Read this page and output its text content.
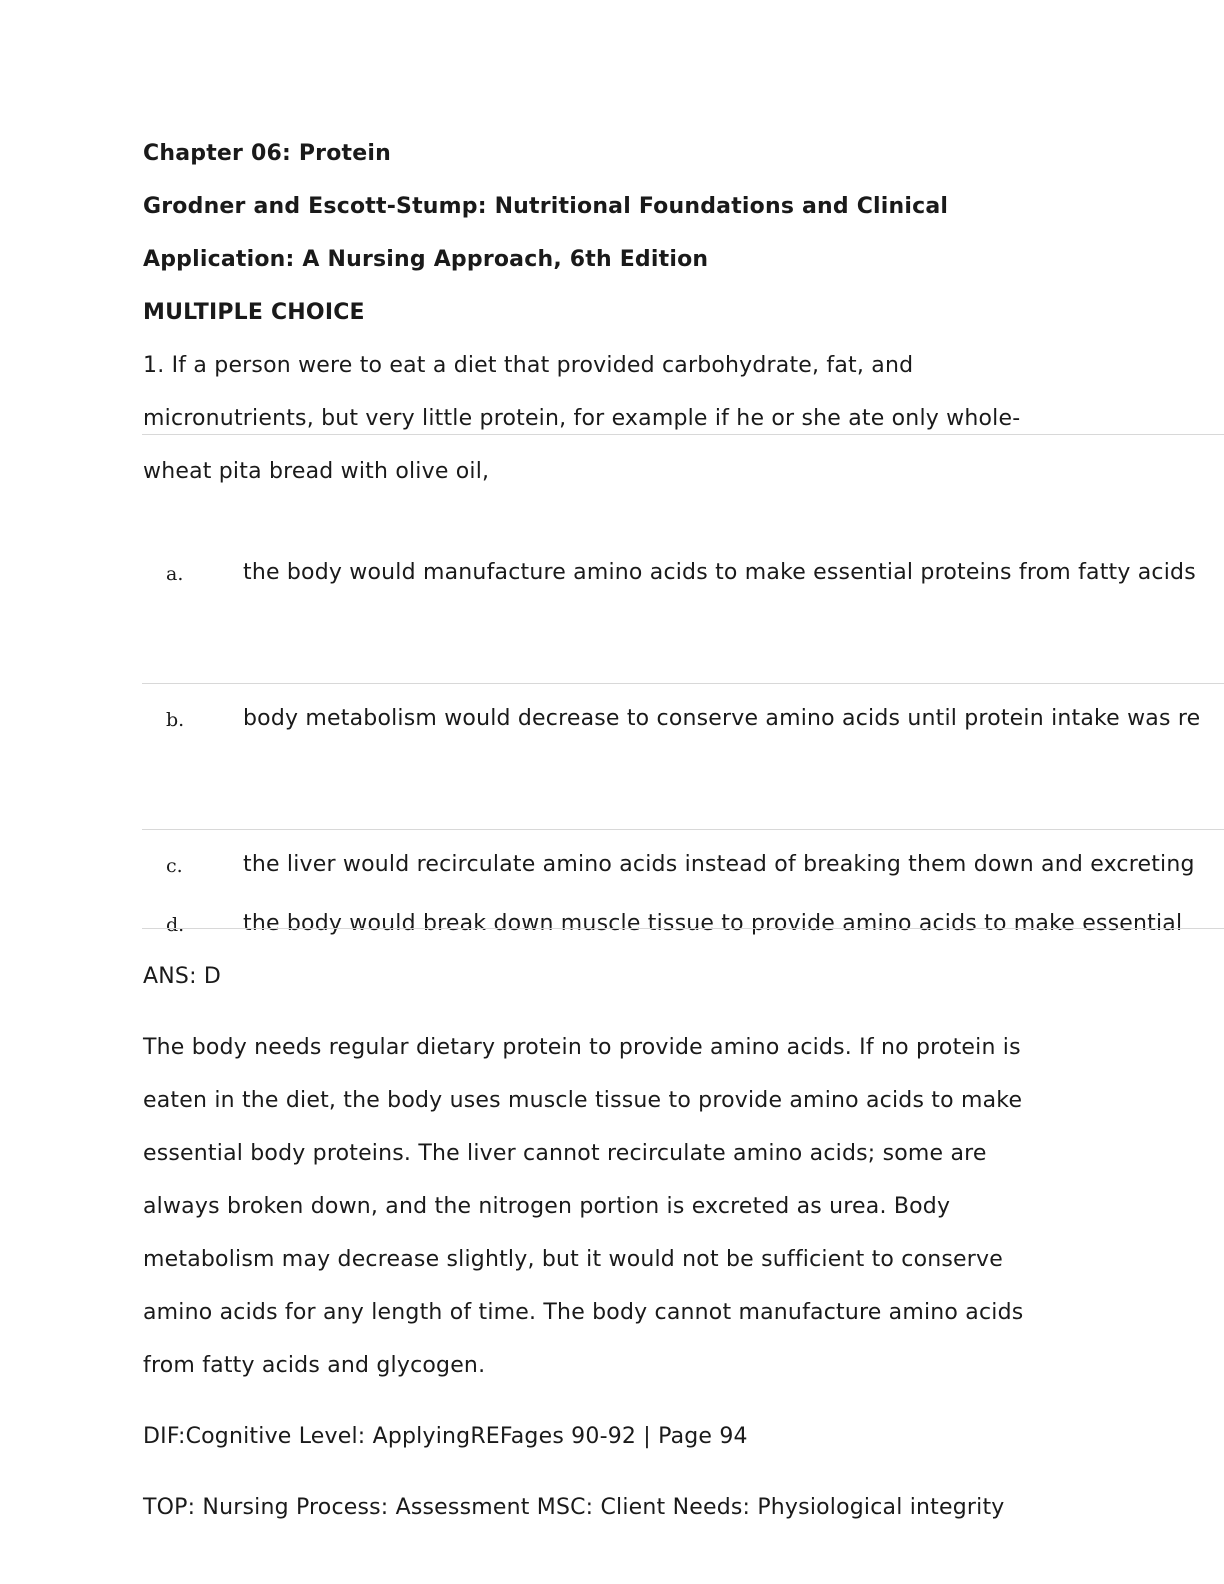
Chapter 06: Protein
Grodner and Escott-Stump: Nutritional Foundations and Clinical
Application: A Nursing Approach, 6th Edition
MULTIPLE CHOICE
1. If a person were to eat a diet that provided carbohydrate, fat, and
micronutrients, but very little protein, for example if he or she ate only whole-
wheat pita bread with olive oil,
a.	the body would manufacture amino acids to make essential proteins from fatty acids
b.	body metabolism would decrease to conserve amino acids until protein intake was re
c.	the liver would recirculate amino acids instead of breaking them down and excreting
d.	the body would break down muscle tissue to provide amino acids to make essential
ANS: D
The body needs regular dietary protein to provide amino acids. If no protein is
eaten in the diet, the body uses muscle tissue to provide amino acids to make
essential body proteins. The liver cannot recirculate amino acids; some are
always broken down, and the nitrogen portion is excreted as urea. Body
metabolism may decrease slightly, but it would not be sufficient to conserve
amino acids for any length of time. The body cannot manufacture amino acids
from fatty acids and glycogen.
DIF:Cognitive Level: ApplyingREFages 90-92 | Page 94
TOP: Nursing Process: Assessment MSC: Client Needs: Physiological integrity
